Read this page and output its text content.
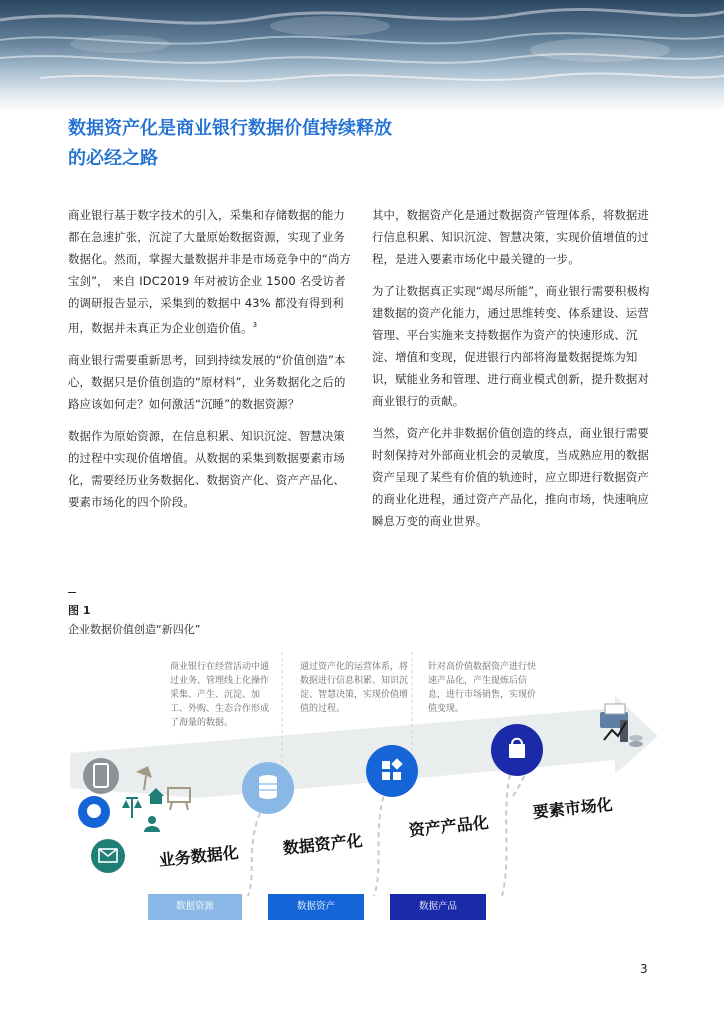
数据资产化是商业银行数据价值持续释放的必经之路

商业银行基于数字技术的引入，采集和存储数据的能力都在急速扩张，沉淀了大量原始数据资源，实现了业务数据化。然而，掌握大量数据并非是市场竞争中的“尚方宝剑”， 来自 IDC2019 年对被访企业 1500 名受访者的调研报告显示，采集到的数据中 43% 都没有得到利用，数据并未真正为企业创造价值。$^3$

商业银行需要重新思考，回到持续发展的“价值创造”本心，数据只是价值创造的“原材料”，业务数据化之后的路应该如何走？如何激活“沉睡”的数据资源？

数据作为原始资源，在信息积累、知识沉淀、智慧决策的过程中实现价值增值。从数据的采集到数据要素市场化，需要经历业务数据化、数据资产化、资产产品化、要素市场化的四个阶段。

其中，数据资产化是通过数据资产管理体系，将数据进行信息积累、知识沉淀、智慧决策，实现价值增值的过程，是进入要素市场化中最关键的一步。

为了让数据真正实现“竭尽所能”，商业银行需要积极构建数据的资产化能力，通过思维转变、体系建设、运营管理、平台实施来支持数据作为资产的快速形成、沉淀、增值和变现，促进银行内部将海量数据提炼为知识，赋能业务和管理、进行商业模式创新，提升数据对商业银行的贡献。

当然，资产化并非数据价值创造的终点，商业银行需要时刻保持对外部商业机会的灵敏度，当成熟应用的数据资产呈现了某些有价值的轨迹时，应立即进行数据资产的商业化进程，通过资产产品化，推向市场，快速响应瞬息万变的商业世界。

图 1
企业数据价值创造“新四化”
商业银行在经营活动中通过业务、管理线上化操作采集、产生、沉淀、加工、外购、生态合作形成了海量的数据。
通过资产化的运营体系，将数据进行信息积累、知识沉淀、智慧决策，实现价值增值的过程。
针对高价值数据资产进行快速产品化，产生提炼后信息，进行市场销售，实现价值变现。
业务数据化	数据资产化
资产产品化
要素市场化
数据资源	数据资产	数据产品
3
